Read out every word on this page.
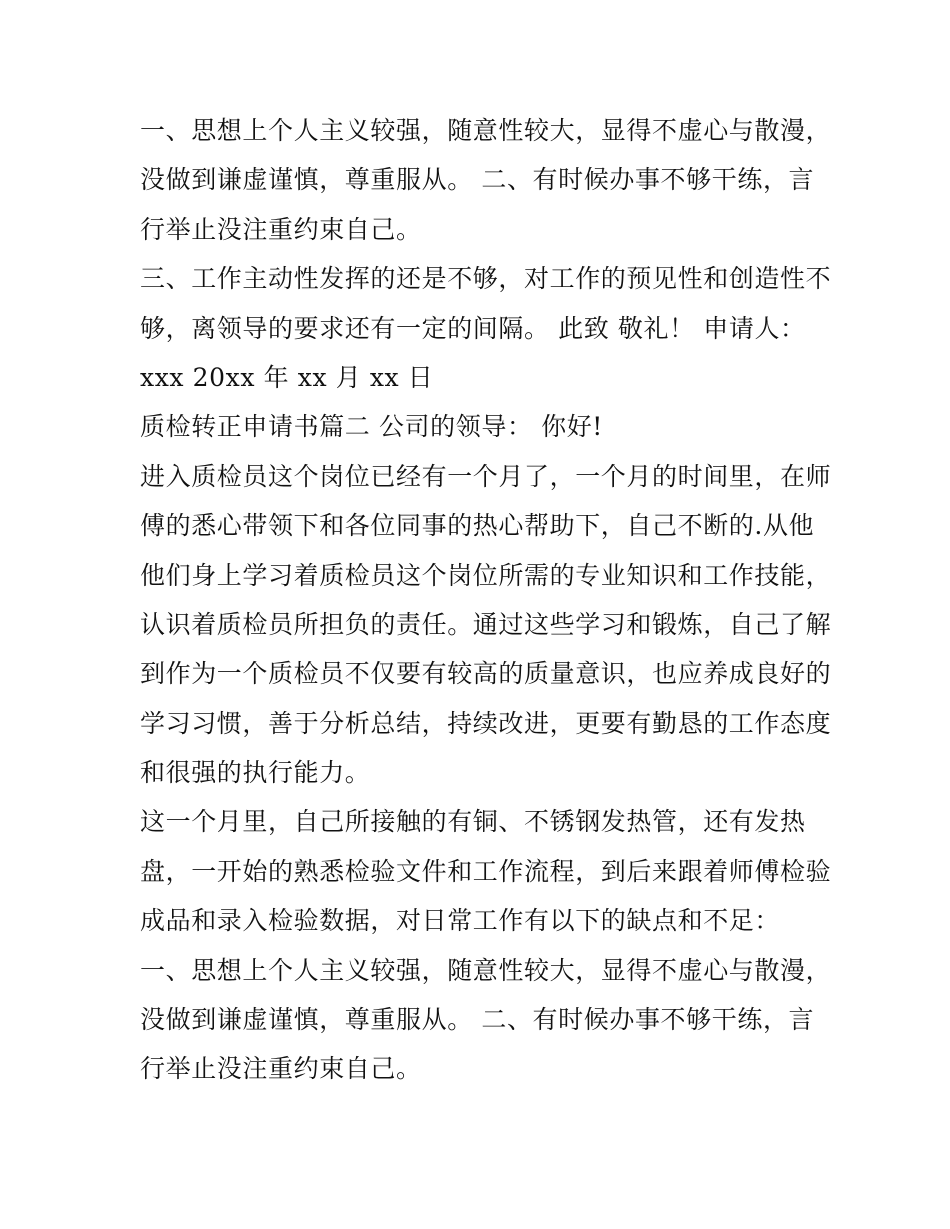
一、思想上个人主义较强，随意性较大，显得不虚心与散漫，

没做到谦虚谨慎，尊重服从。 二、有时候办事不够干练，言

行举止没注重约束自己。

三、工作主动性发挥的还是不够，对工作的预见性和创造性不

够，离领导的要求还有一定的间隔。 此致 敬礼！ 申请人：

xxx 20xx 年 xx 月 xx 日

质检转正申请书篇二 公司的领导： 你好!

进入质检员这个岗位已经有一个月了，一个月的时间里，在师

傅的悉心带领下和各位同事的热心帮助下，自己不断的.从他

他们身上学习着质检员这个岗位所需的专业知识和工作技能，

认识着质检员所担负的责任。通过这些学习和锻炼，自己了解

到作为一个质检员不仅要有较高的质量意识，也应养成良好的

学习习惯，善于分析总结，持续改进，更要有勤恳的工作态度

和很强的执行能力。

这一个月里，自己所接触的有铜、不锈钢发热管，还有发热

盘，一开始的熟悉检验文件和工作流程，到后来跟着师傅检验

成品和录入检验数据，对日常工作有以下的缺点和不足：

一、思想上个人主义较强，随意性较大，显得不虚心与散漫，

没做到谦虚谨慎，尊重服从。 二、有时候办事不够干练，言

行举止没注重约束自己。
